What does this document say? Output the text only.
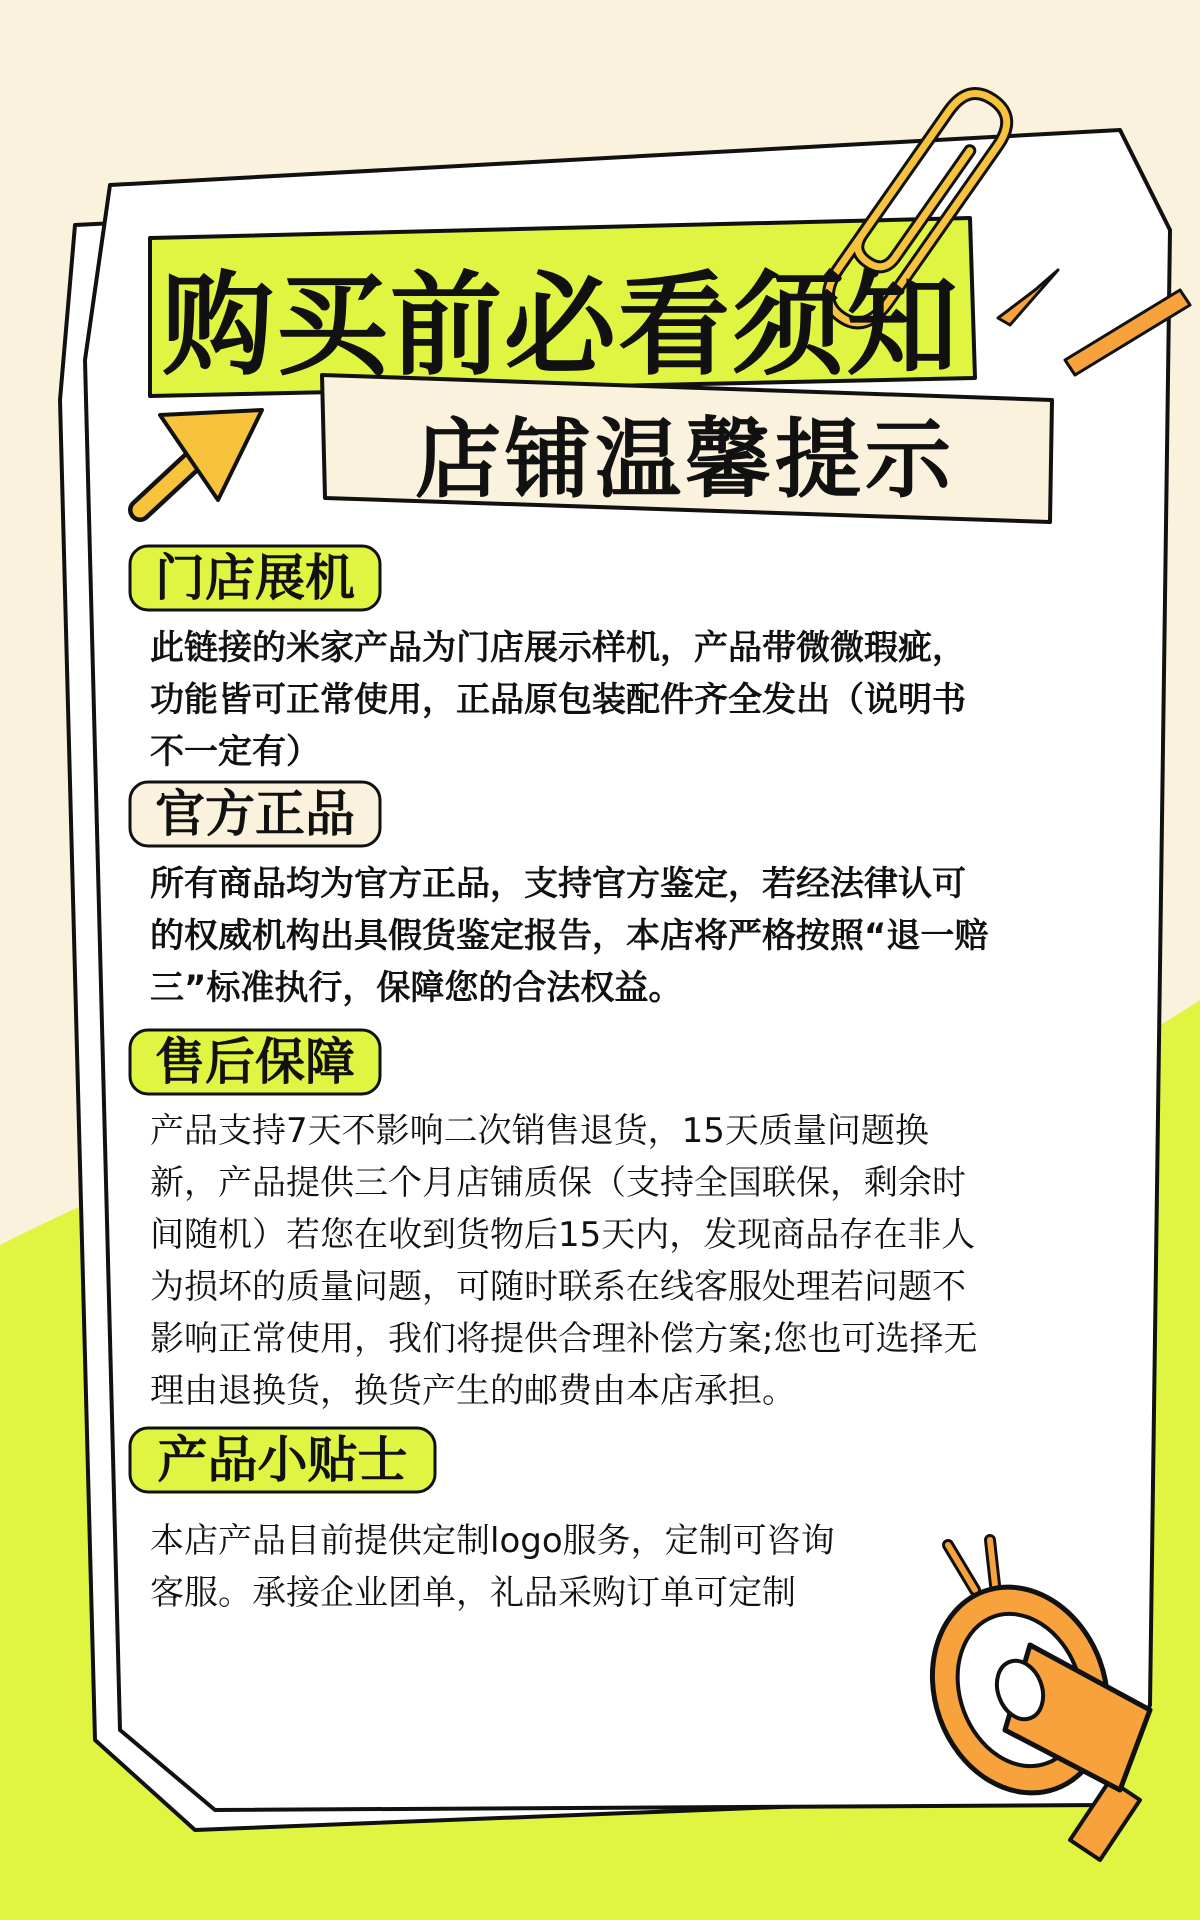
购买前必看须知
店铺温馨提示
门店展机
此链接的米家产品为门店展示样机，产品带微微瑕疵，
功能皆可正常使用，正品原包装配件齐全发出（说明书
不一定有）
官方正品
所有商品均为官方正品，支持官方鉴定，若经法律认可
的权威机构出具假货鉴定报告，本店将严格按照“退一赔
三”标准执行，保障您的合法权益。
售后保障
产品支持7天不影响二次销售退货，15天质量问题换
新，产品提供三个月店铺质保（支持全国联保，剩余时
间随机）若您在收到货物后15天内，发现商品存在非人
为损坏的质量问题，可随时联系在线客服处理若问题不
影响正常使用，我们将提供合理补偿方案;您也可选择无
理由退换货，换货产生的邮费由本店承担。
产品小贴士
本店产品目前提供定制logo服务，定制可咨询
客服。承接企业团单，礼品采购订单可定制
